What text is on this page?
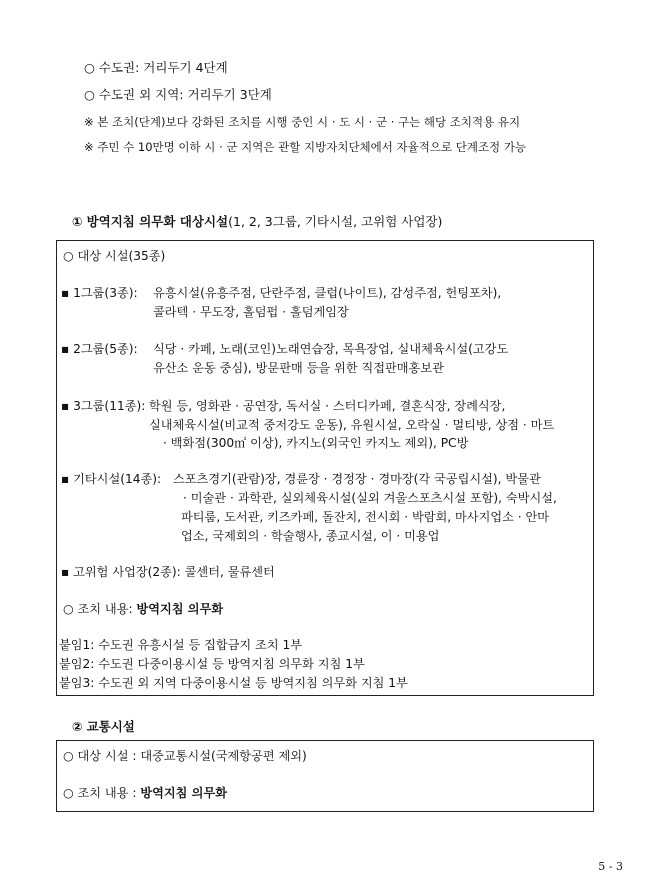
○ 수도권: 거리두기 4단계
○ 수도권 외 지역: 거리두기 3단계
※ 본 조치(단계)보다 강화된 조치를 시행 중인 시 · 도 시 · 군 · 구는 해당 조치적용 유지
※ 주민 수 10만명 이하 시 · 군 지역은 관할 지방자치단체에서 자율적으로 단계조정 가능
① 방역지침 의무화 대상시설(1, 2, 3그룹, 기타시설, 고위험 사업장)
○ 대상 시설(35종)
▪ 1그룹(3종): 유흥시설(유흥주점, 단란주점, 클럽(나이트), 감성주점, 헌팅포차),
콜라텍 · 무도장, 홀덤펍 · 홀덤게임장
▪ 2그룹(5종): 식당 · 카페, 노래(코인)노래연습장, 목욕장업, 실내체육시설(고강도
유산소 운동 중심), 방문판매 등을 위한 직접판매홍보관
▪ 3그룹(11종): 학원 등, 영화관 · 공연장, 독서실 · 스터디카페, 결혼식장, 장례식장,
실내체육시설(비교적 중저강도 운동), 유원시설, 오락실 · 멀티방, 상점 · 마트
· 백화점(300㎡ 이상), 카지노(외국인 카지노 제외), PC방
▪ 기타시설(14종): 스포츠경기(관람)장, 경륜장 · 경정장 · 경마장(각 국공립시설), 박물관
· 미술관 · 과학관, 실외체육시설(실외 겨울스포츠시설 포함), 숙박시설,
파티룸, 도서관, 키즈카페, 돌잔치, 전시회 · 박람회, 마사지업소 · 안마
업소, 국제회의 · 학술행사, 종교시설, 이 · 미용업
▪ 고위험 사업장(2종): 콜센터, 물류센터
○ 조치 내용: 방역지침 의무화
붙임1: 수도권 유흥시설 등 집합금지 조치 1부
붙임2: 수도권 다중이용시설 등 방역지침 의무화 지침 1부
붙임3: 수도권 외 지역 다중이용시설 등 방역지침 의무화 지침 1부
② 교통시설
○ 대상 시설 : 대중교통시설(국제항공편 제외)
○ 조치 내용 : 방역지침 의무화
5 - 3
